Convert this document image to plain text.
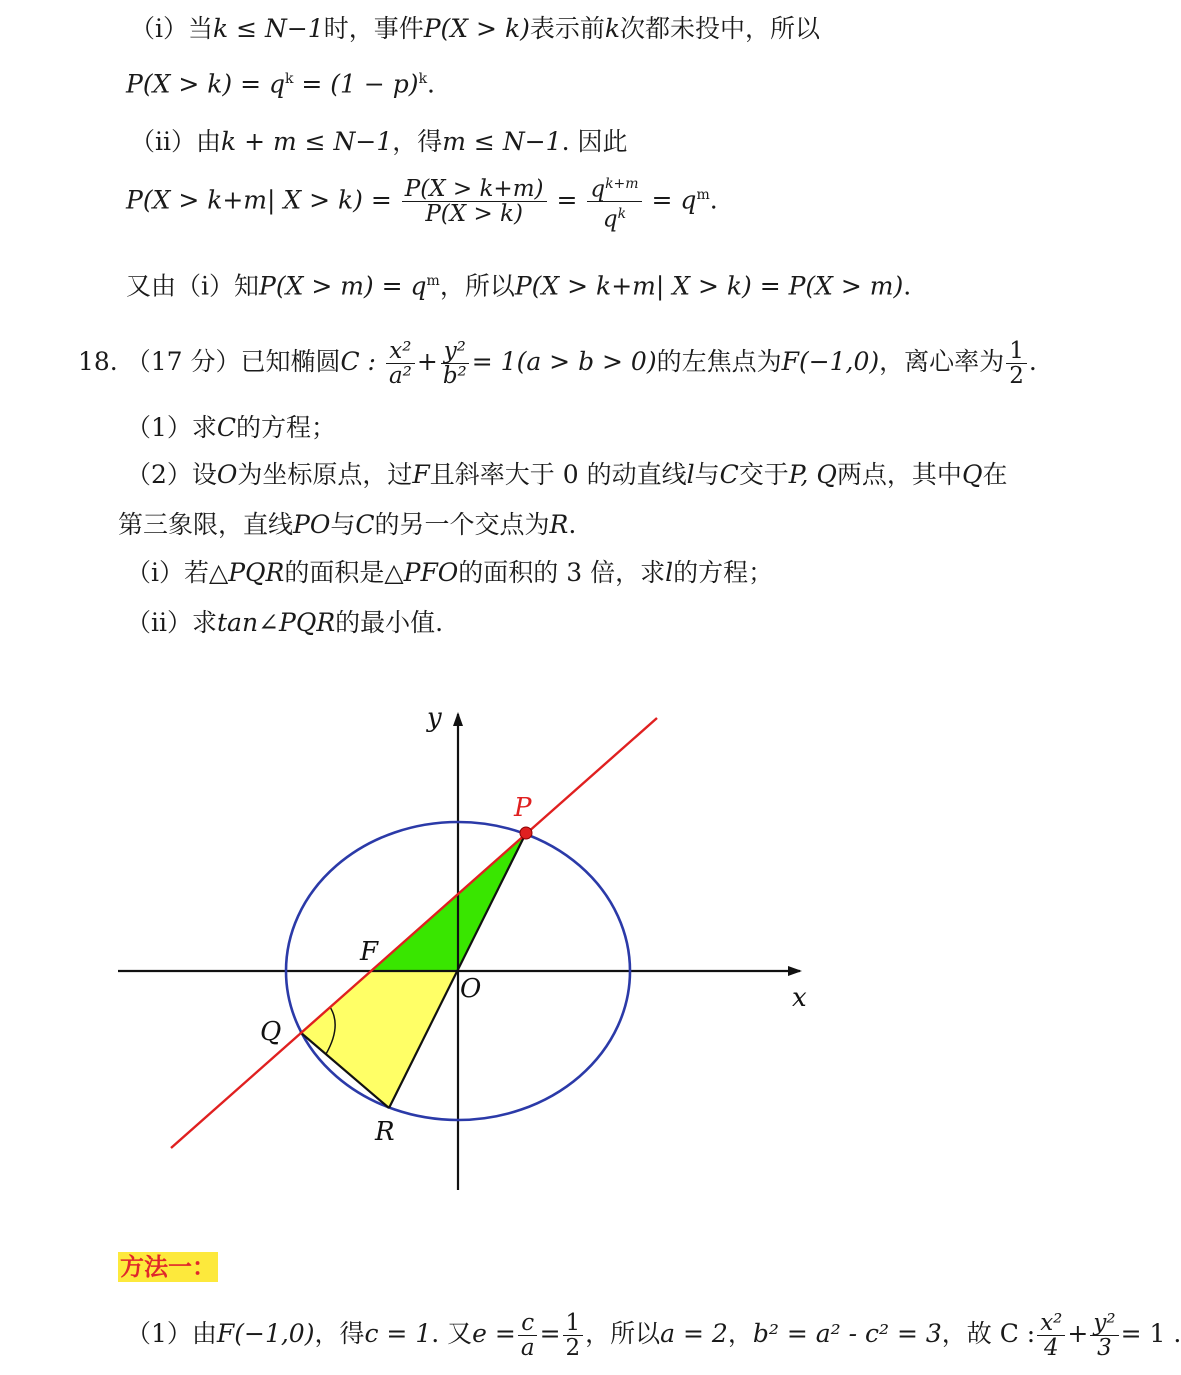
（i）当k ≤ N−1时，事件P(X > k)表示前k次都未投中，所以
$P(X > k) = q^k = (1 - p)^k$.
（ii）由k + m ≤ N−1，得m ≤ N−1. 因此
P(X > k+m| $X > k) = \frac{P(X > k+m)}{P(X > k)} = \frac{q^{k+m}}{q^k} = q^m$.
又由（i）知$P(X > m) = q^m$，所以P(X > k+m| X > k) = P(X > m).
18. （17 分）已知椭圆C : $\frac{\text{x²}}{\text{a²}} + \frac{\text{y²}}{\text{b²}} = 1(a > b > 0)$的左焦点为F(−1,0)，离心率为 $\frac{1}{2}$ .
（1）求C的方程；
（2）设O为坐标原点，过F且斜率大于 0 的动直线l与C交于P, Q两点，其中Q在
第三象限，直线PO与C的另一个交点为R.
（i）若△PQR的面积是△PFO的面积的 3 倍，求l的方程；
（ii）求tan∠PQR的最小值.
y
x
P
F
O
Q
R
方法一：
（1）由F(−1,0)，得c = 1. 又$e = \frac{c}{a} = \frac{1}{2}$ ，所以a = 2，b² = a² - c² = 3，故 C : $\frac{\text{x²}}{4} + \frac{\text{y²}}{3} = 1$ .
